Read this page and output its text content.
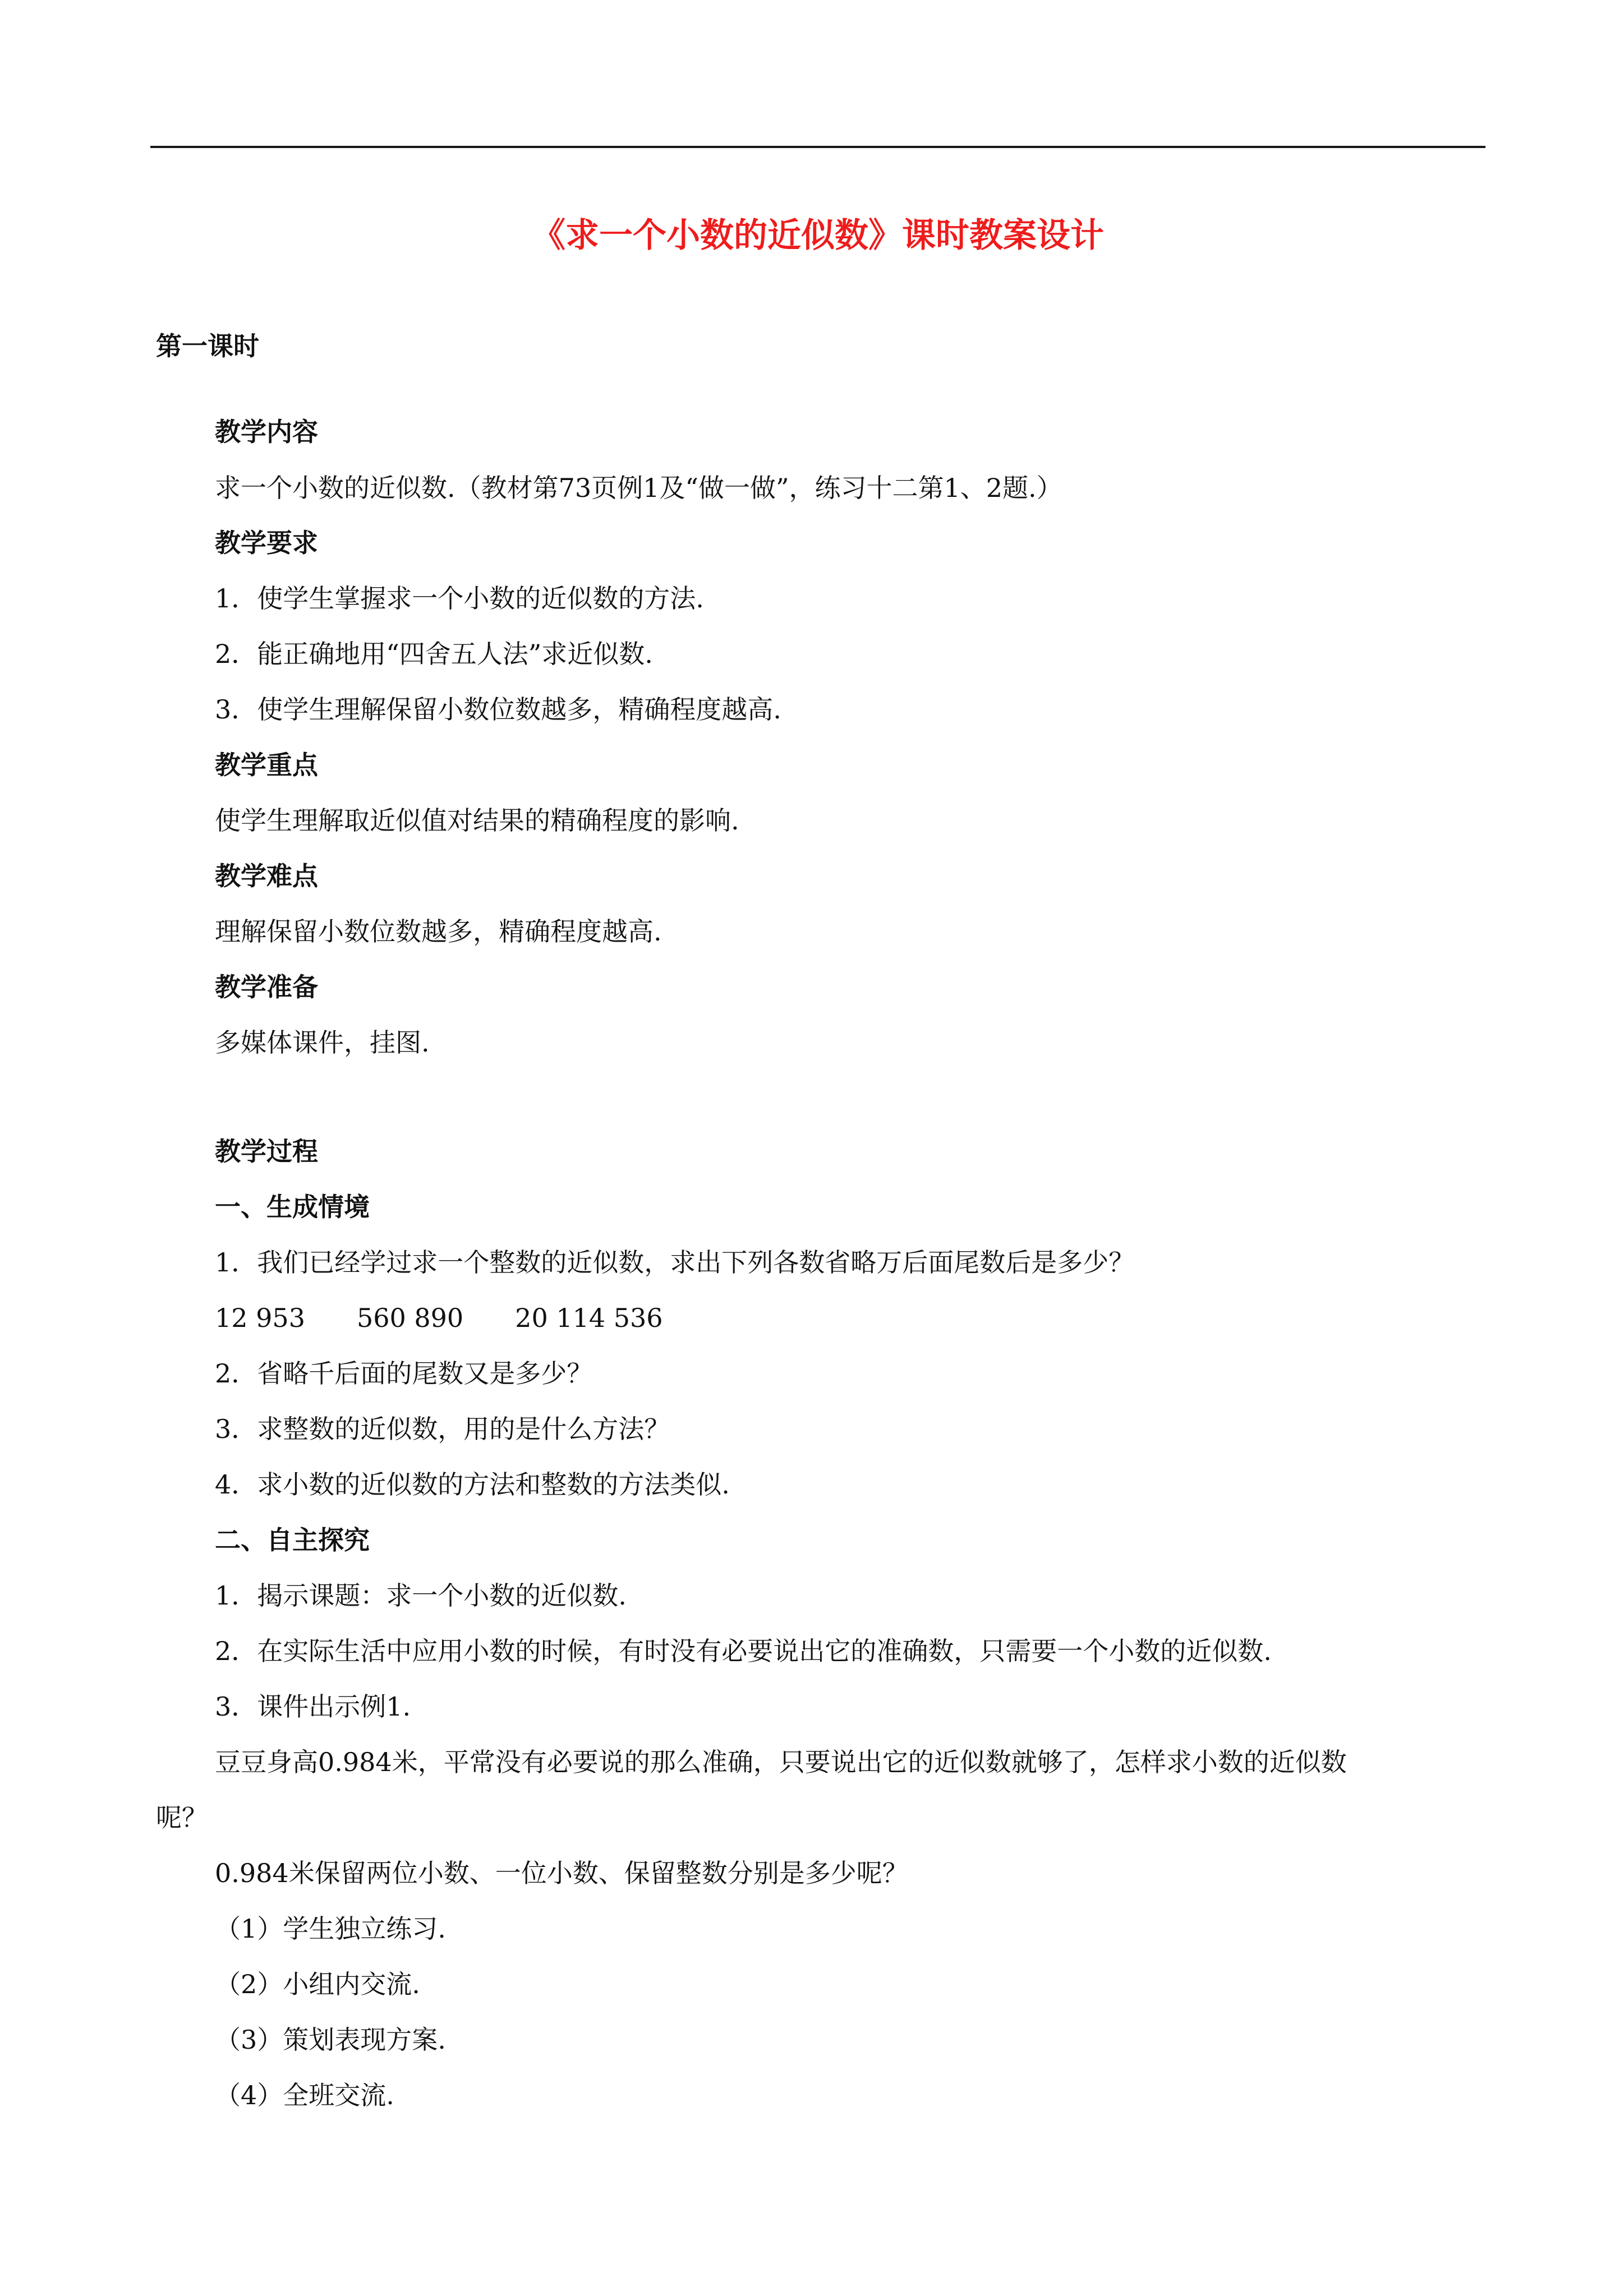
《求一个小数的近似数》课时教案设计
第一课时
教学内容
求一个小数的近似数.（教材第73页例1及“做一做”，练习十二第1、2题.）
教学要求
1．使学生掌握求一个小数的近似数的方法.
2．能正确地用“四舍五人法”求近似数.
3．使学生理解保留小数位数越多，精确程度越高.
教学重点
使学生理解取近似值对结果的精确程度的影响.
教学难点
理解保留小数位数越多，精确程度越高.
教学准备
多媒体课件，挂图.
教学过程
一、生成情境
1．我们已经学过求一个整数的近似数，求出下列各数省略万后面尾数后是多少？
12 953　　560 890　　20 114 536
2．省略千后面的尾数又是多少？
3．求整数的近似数，用的是什么方法？
4．求小数的近似数的方法和整数的方法类似.
二、自主探究
1．揭示课题：求一个小数的近似数.
2．在实际生活中应用小数的时候，有时没有必要说出它的准确数，只需要一个小数的近似数.
3．课件出示例1.
豆豆身高0.984米，平常没有必要说的那么准确，只要说出它的近似数就够了，怎样求小数的近似数
呢？
0.984米保留两位小数、一位小数、保留整数分别是多少呢？
（1）学生独立练习.
（2）小组内交流.
（3）策划表现方案.
（4）全班交流.
